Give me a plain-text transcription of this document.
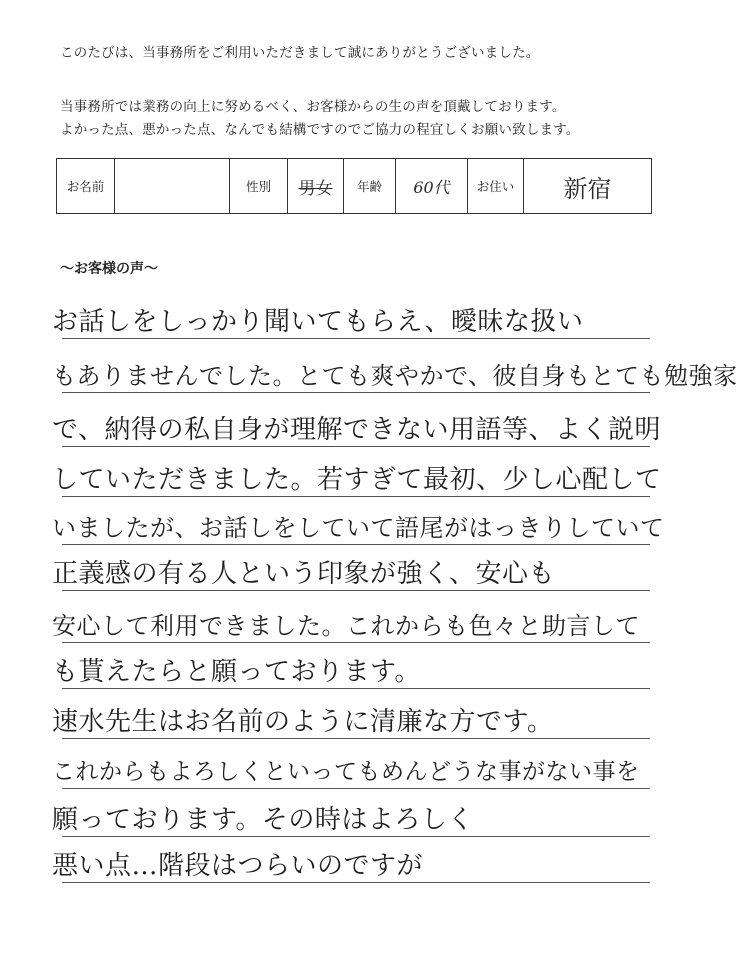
このたびは、当事務所をご利用いただきまして誠にありがとうございました。
当事務所では業務の向上に努めるべく、お客様からの生の声を頂戴しております。
よかった点、悪かった点、なんでも結構ですのでご協力の程宜しくお願い致します。
お名前		性別	男女	年齢	60代	お住い	新宿
～お客様の声～
お話しをしっかり聞いてもらえ、曖昧な扱い
もありませんでした。とても爽やかで、彼自身もとても勉強家
で、納得の私自身が理解できない用語等、よく説明
していただきました。若すぎて最初、少し心配して
いましたが、お話しをしていて語尾がはっきりしていて
正義感の有る人という印象が強く、安心も
安心して利用できました。これからも色々と助言して
も貰えたらと願っております。
速水先生はお名前のように清廉な方です。
これからもよろしくといってもめんどうな事がない事を
願っております。その時はよろしく
悪い点…階段はつらいのですが
